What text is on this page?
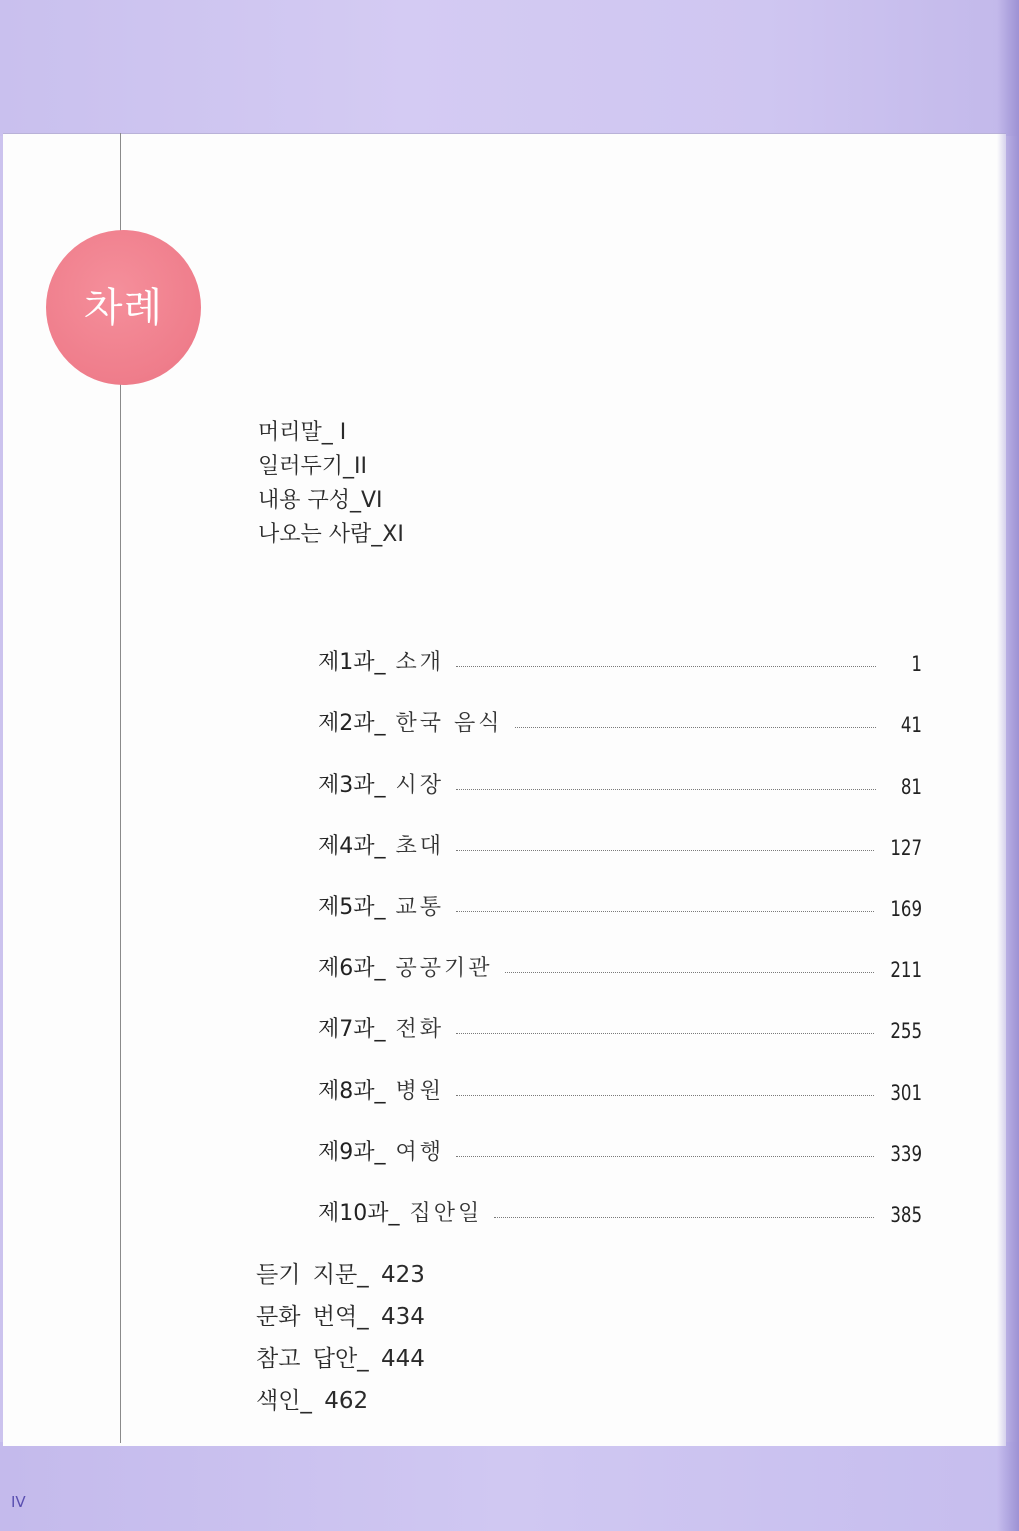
차례
머리말_ I
일러두기_II
내용 구성_VI
나오는 사람_XI
제1과_ 소개	1
제2과_ 한국 음식	41
제3과_ 시장	81
제4과_ 초대	127
제5과_ 교통	169
제6과_ 공공기관	211
제7과_ 전화	255
제8과_ 병원	301
제9과_ 여행	339
제10과_ 집안일	385
듣기 지문_ 423
문화 번역_ 434
참고 답안_ 444
색인_ 462
IV
